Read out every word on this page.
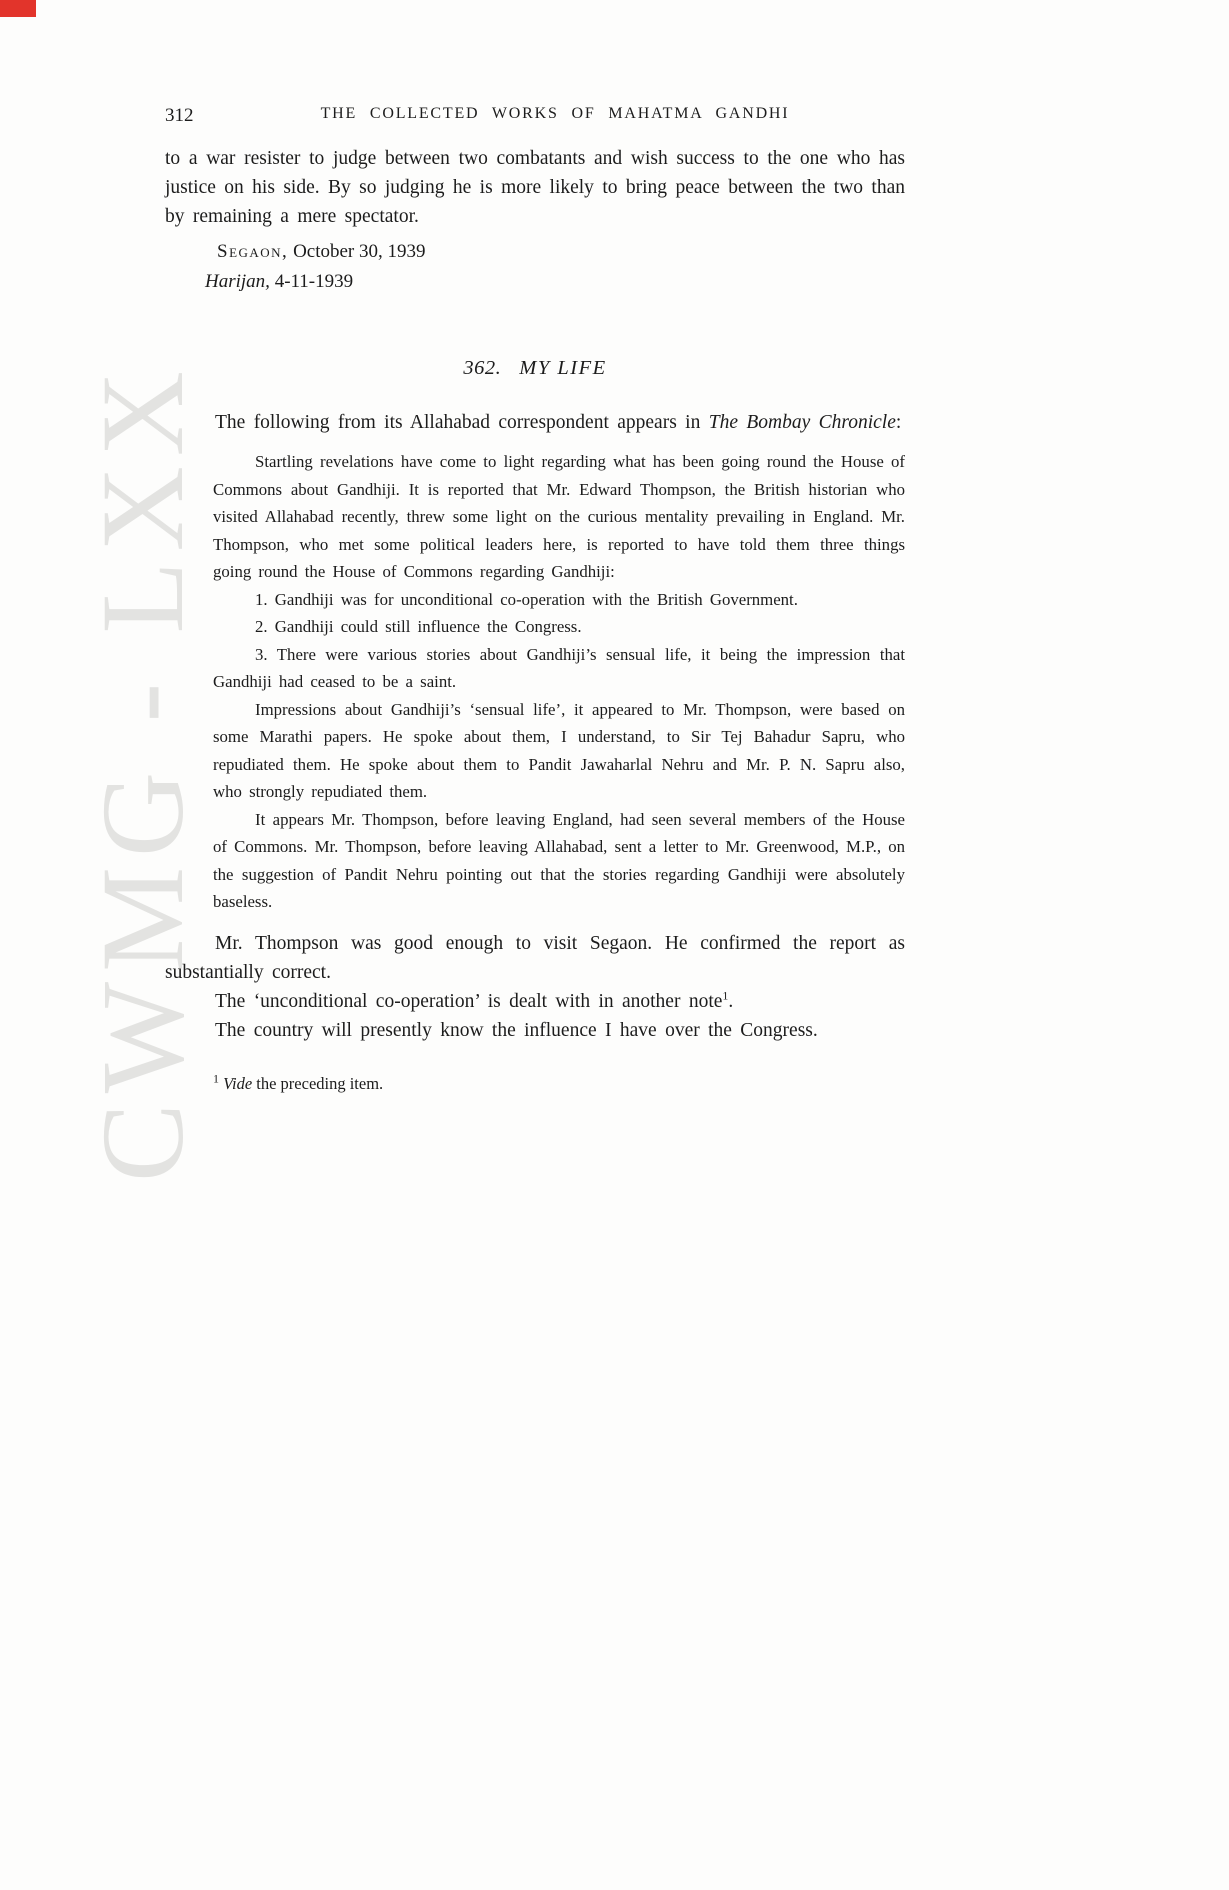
CWMG - LXX
312	THE COLLECTED WORKS OF MAHATMA GANDHI

to a war resister to judge between two combatants and wish success to the one who has justice on his side. By so judging he is more likely to bring peace between the two than by remaining a mere spectator.

Segaon, October 30, 1939

Harijan, 4-11-1939

362. MY LIFE

The following from its Allahabad correspondent appears in The Bombay Chronicle:

Startling revelations have come to light regarding what has been going round the House of Commons about Gandhiji. It is reported that Mr. Edward Thompson, the British historian who visited Allahabad recently, threw some light on the curious mentality prevailing in England. Mr. Thompson, who met some political leaders here, is reported to have told them three things going round the House of Commons regarding Gandhiji:

1. Gandhiji was for unconditional co-operation with the British Government.

2. Gandhiji could still influence the Congress.

3. There were various stories about Gandhiji’s sensual life, it being the impression that Gandhiji had ceased to be a saint.

Impressions about Gandhiji’s ‘sensual life’, it appeared to Mr. Thompson, were based on some Marathi papers. He spoke about them, I understand, to Sir Tej Bahadur Sapru, who repudiated them. He spoke about them to Pandit Jawaharlal Nehru and Mr. P. N. Sapru also, who strongly repudiated them.

It appears Mr. Thompson, before leaving England, had seen several members of the House of Commons. Mr. Thompson, before leaving Allahabad, sent a letter to Mr. Greenwood, M.P., on the suggestion of Pandit Nehru pointing out that the stories regarding Gandhiji were absolutely baseless.

Mr. Thompson was good enough to visit Segaon. He confirmed the report as substantially correct.

The ‘unconditional co-operation’ is dealt with in another note$^1$.

The country will presently know the influence I have over the Congress.

$^1$ Vide the preceding item.
